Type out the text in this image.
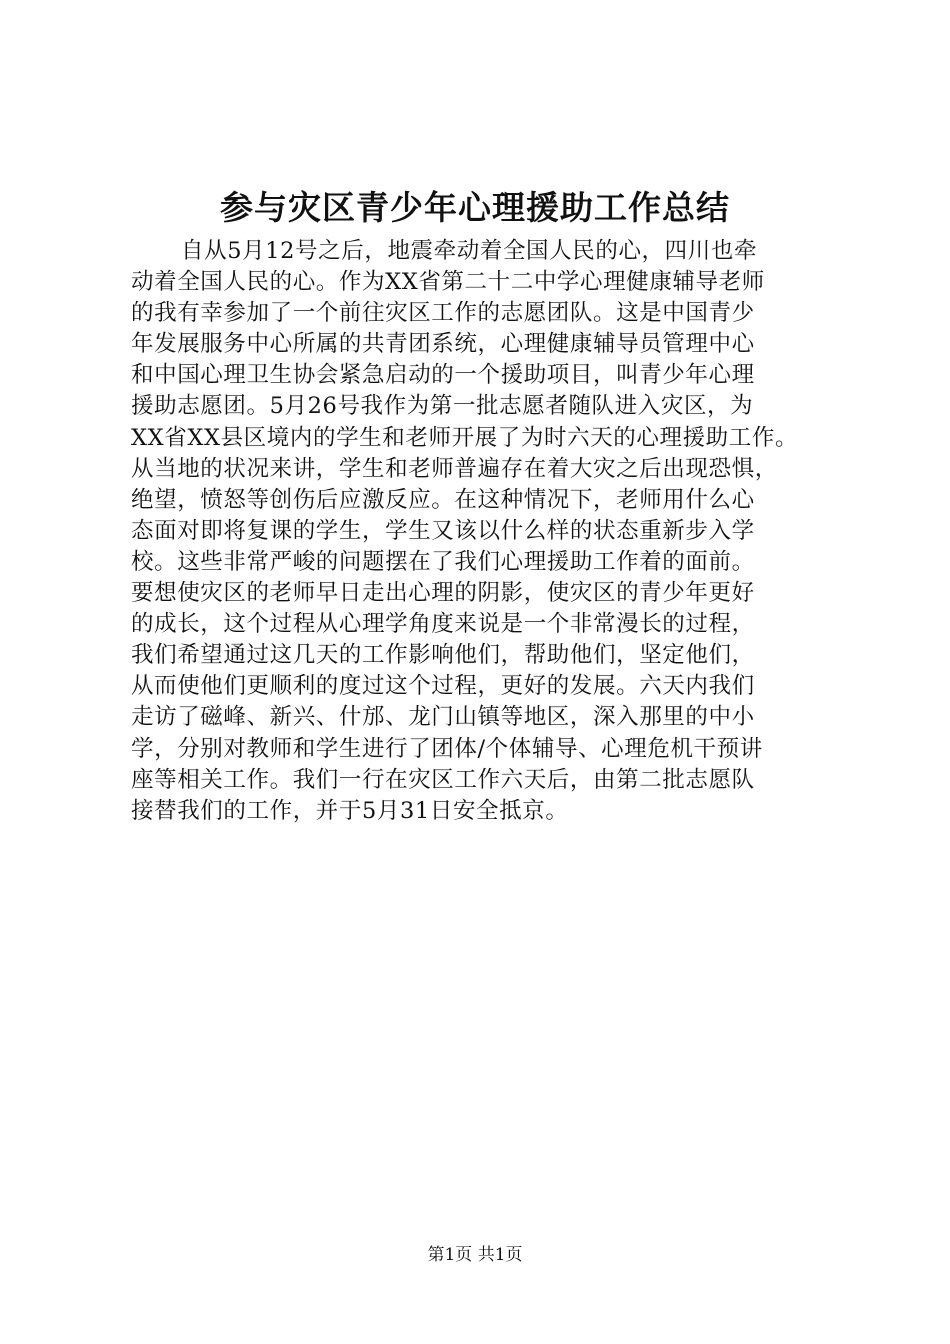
参与灾区青少年心理援助工作总结
自从5月12号之后，地震牵动着全国人民的心，四川也牵
动着全国人民的心。作为XX省第二十二中学心理健康辅导老师
的我有幸参加了一个前往灾区工作的志愿团队。这是中国青少
年发展服务中心所属的共青团系统，心理健康辅导员管理中心
和中国心理卫生协会紧急启动的一个援助项目，叫青少年心理
援助志愿团。5月26号我作为第一批志愿者随队进入灾区，为
XX省XX县区境内的学生和老师开展了为时六天的心理援助工作。
从当地的状况来讲，学生和老师普遍存在着大灾之后出现恐惧，
绝望，愤怒等创伤后应激反应。在这种情况下，老师用什么心
态面对即将复课的学生，学生又该以什么样的状态重新步入学
校。这些非常严峻的问题摆在了我们心理援助工作着的面前。
要想使灾区的老师早日走出心理的阴影，使灾区的青少年更好
的成长，这个过程从心理学角度来说是一个非常漫长的过程，
我们希望通过这几天的工作影响他们，帮助他们，坚定他们，
从而使他们更顺利的度过这个过程，更好的发展。六天内我们
走访了磁峰、新兴、什邡、龙门山镇等地区，深入那里的中小
学，分别对教师和学生进行了团体/个体辅导、心理危机干预讲
座等相关工作。我们一行在灾区工作六天后，由第二批志愿队
接替我们的工作，并于5月31日安全抵京。
第1页 共1页
